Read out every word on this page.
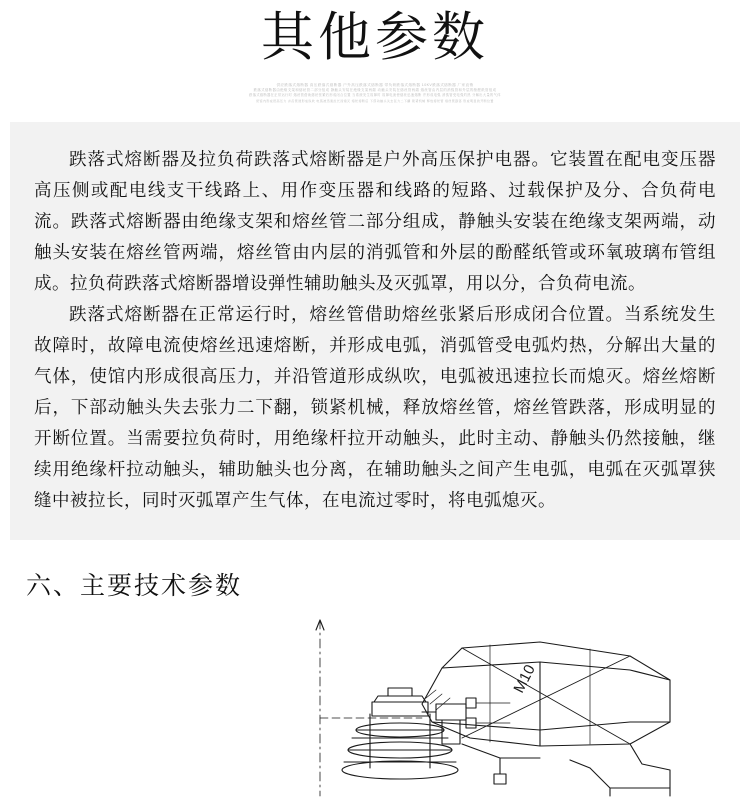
其他参数
供应跌落式熔断器 高压跌落式熔断器 户外高压跌落式熔断器 带负荷跌落式熔断器 10KV跌落式熔断器 厂家直销
跌落式熔断器由绝缘支架和熔丝管二部分组成 静触头安装在绝缘支架两端 动触头安装在熔丝管两端 熔丝管由内层的消弧管和外层的酚醛纸管组成
跌落式熔断器在正常运行时 熔丝管借助熔丝张紧后形成闭合位置 当系统发生故障时 故障电流使熔丝迅速熔断 并形成电弧 消弧管受电弧灼热 分解出大量的气体
使馆内形成很高压力 并沿管道形成纵吹 电弧被迅速拉长而熄灭 熔丝熔断后 下部动触头失去张力二下翻 锁紧机械 释放熔丝管 熔丝管跌落 形成明显的开断位置

跌落式熔断器及拉负荷跌落式熔断器是户外高压保护电器。它装置在配电变压器高压侧或配电线支干线路上、用作变压器和线路的短路、过载保护及分、合负荷电流。跌落式熔断器由绝缘支架和熔丝管二部分组成，静触头安装在绝缘支架两端，动触头安装在熔丝管两端，熔丝管由内层的消弧管和外层的酚醛纸管或环氧玻璃布管组成。拉负荷跌落式熔断器增设弹性辅助触头及灭弧罩，用以分，合负荷电流。

跌落式熔断器在正常运行时，熔丝管借助熔丝张紧后形成闭合位置。当系统发生故障时，故障电流使熔丝迅速熔断，并形成电弧，消弧管受电弧灼热，分解出大量的气体，使馆内形成很高压力，并沿管道形成纵吹，电弧被迅速拉长而熄灭。熔丝熔断后，下部动触头失去张力二下翻，锁紧机械，释放熔丝管，熔丝管跌落，形成明显的开断位置。当需要拉负荷时，用绝缘杆拉开动触头，此时主动、静触头仍然接触，继续用绝缘杆拉动触头，辅助触头也分离，在辅助触头之间产生电弧，电弧在灭弧罩狭缝中被拉长，同时灭弧罩产生气体，在电流过零时，将电弧熄灭。

六、主要技术参数
M10
